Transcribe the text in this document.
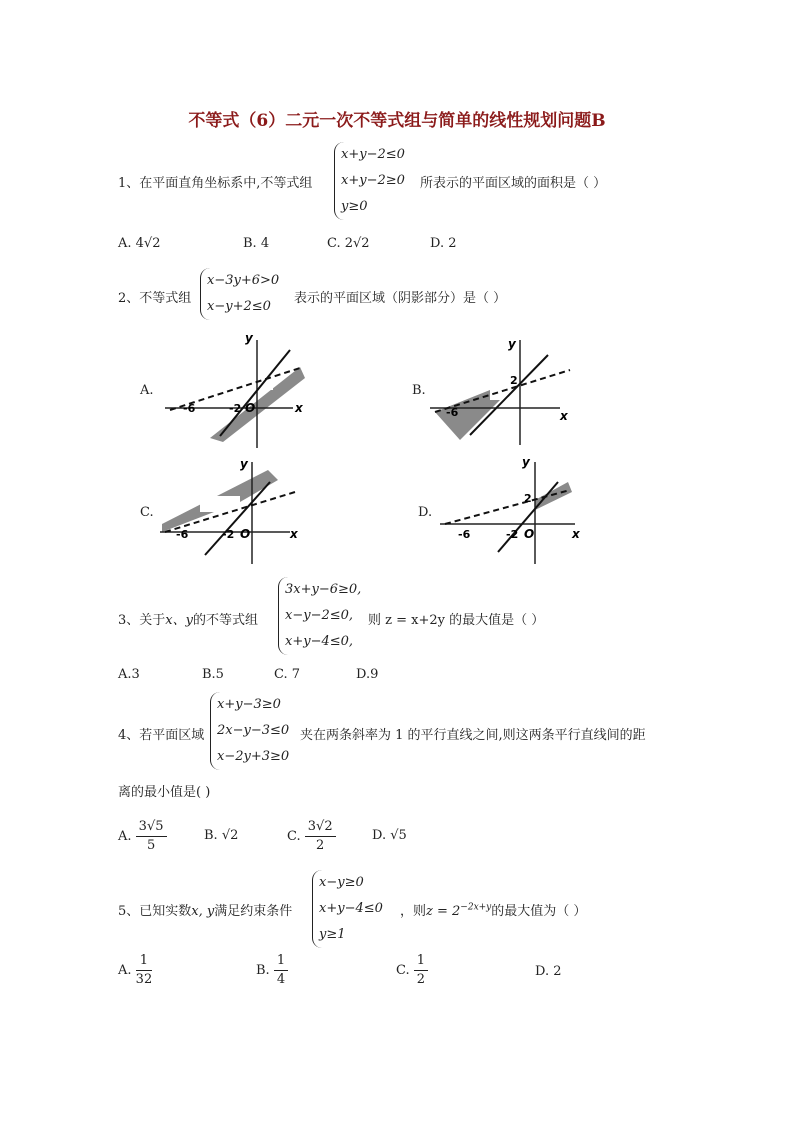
不等式（6）二元一次不等式组与简单的线性规划问题B
1、在平面直角坐标系中,不等式组
x+y−2≤0
x+y−2≥0
y≥0
所表示的平面区域的面积是（ ）
A. 4√2	B. 4	C. 2√2	D. 2
2、不等式组
x−3y+6>0
x−y+2≤0
表示的平面区域（阴影部分）是（ ）
A.
x
y
-6	-2 O
B.
x
y
2
-6
C.
x
y
-6	-2 O
D.
x
y
2
-6	-2 O
3、关于x、y的不等式组
3x+y−6≥0,
x−y−2≤0,
x+y−4≤0,
则 z = x+2y 的最大值是（ ）
A.3	B.5	C. 7	D.9
4、若平面区域
x+y−3≥0
2x−y−3≤0
x−2y+3≥0
夹在两条斜率为 1 的平行直线之间,则这两条平行直线间的距
离的最小值是( )
A. $\frac{3√5}{5}$	B. √2	C. $\frac{3√2}{2}$	D. √5
5、已知实数x, y满足约束条件
x−y≥0
x+y−4≤0
y≥1
，则$z = 2^{-2x+y}$的最大值为（ ）
A. $\frac{1}{32}$	B. $\frac{1}{4}$	C. $\frac{1}{2}$	D. 2
